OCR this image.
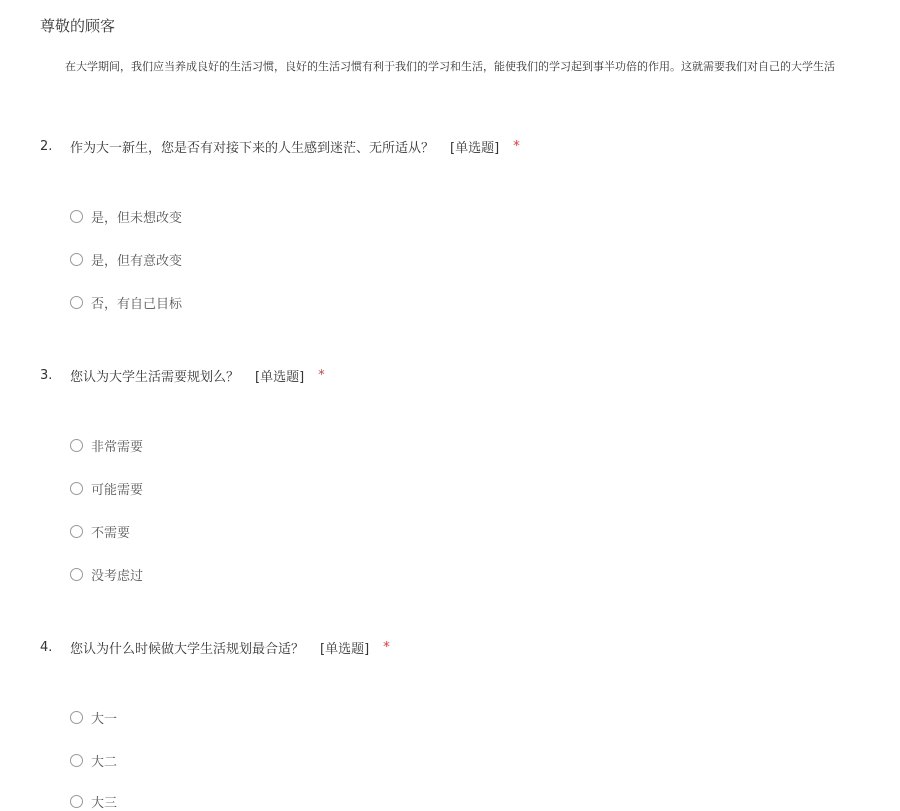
尊敬的顾客
在大学期间，我们应当养成良好的生活习惯，良好的生活习惯有利于我们的学习和生活，能使我们的学习起到事半功倍的作用。这就需要我们对自己的大学生活
2.	作为大一新生，您是否有对接下来的人生感到迷茫、无所适从？ [单选题] *
是，但未想改变
是，但有意改变
否，有自己目标
3.	您认为大学生活需要规划么？ [单选题] *
非常需要
可能需要
不需要
没考虑过
4.	您认为什么时候做大学生活规划最合适？ [单选题] *
大一
大二
大三
